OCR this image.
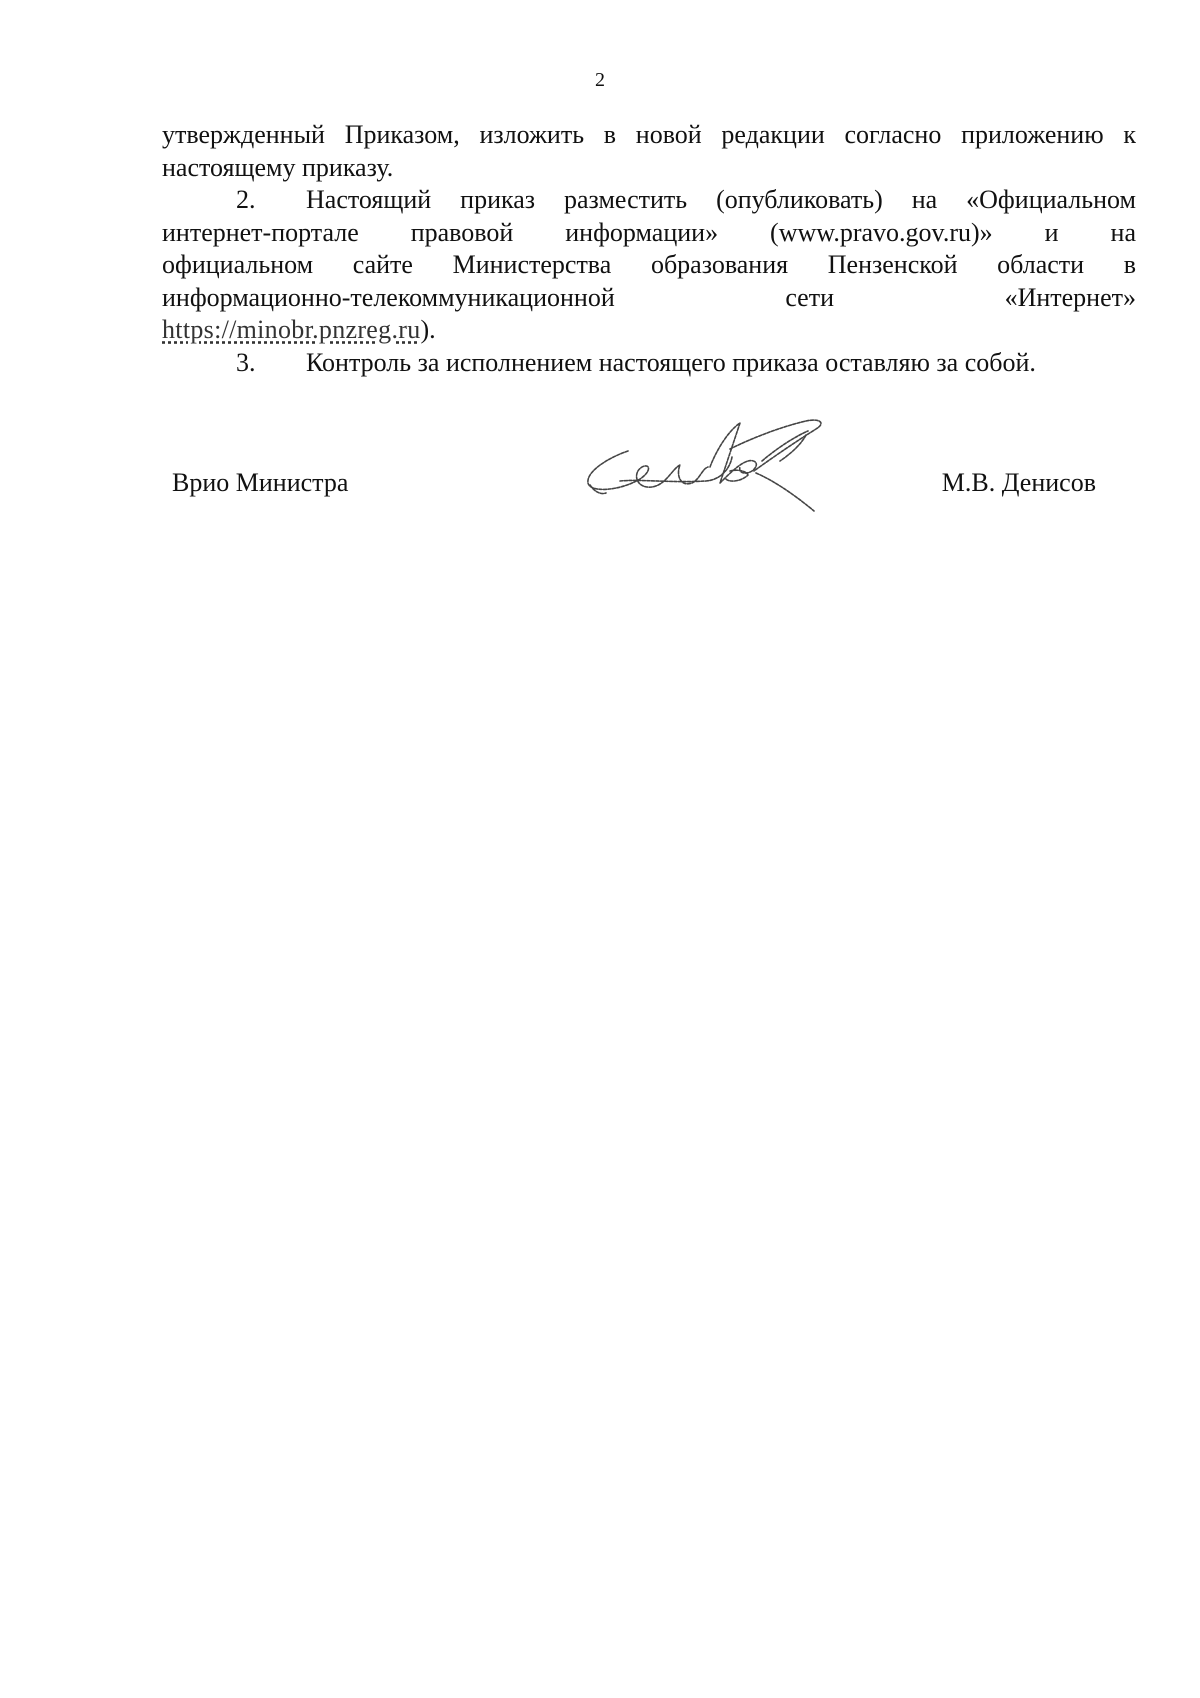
2
утвержденный Приказом, изложить в новой редакции согласно приложению к
настоящему приказу.
2. Настоящий приказ разместить (опубликовать) на «Официальном
интернет-портале правовой информации» (www.pravo.gov.ru)» и на
официальном сайте Министерства образования Пензенской области в
информационно-телекоммуникационной сети «Интернет»
https://minobr.pnzreg.ru).
3. Контроль за исполнением настоящего приказа оставляю за собой.
Врио Министра	М.В. Денисов
